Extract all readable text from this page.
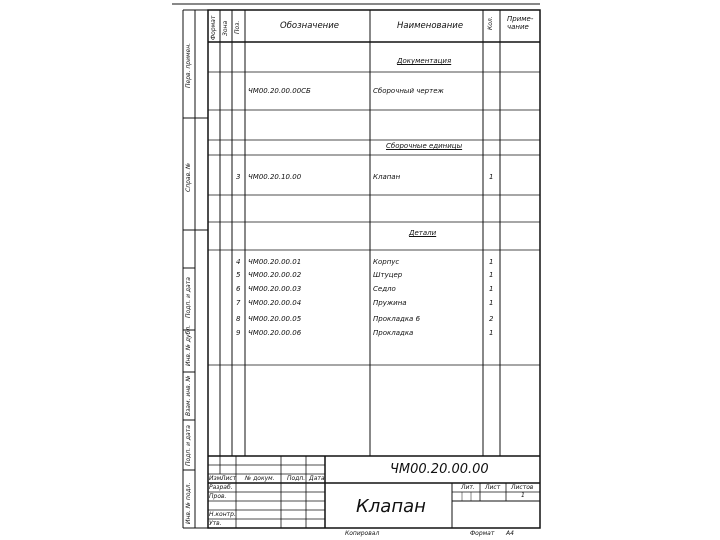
Перв. примен.
Справ. №
Подп. и дата
Инв. № дубл.
Взам. инв. №
Подп. и дата
Инв. № подл.
Формат Зона Поз.	Обозначение	Наименование	Кол. Приме-
чание
Документация
Сборочные единицы
Детали
ЧМ00.20.00.00СБ	Сборочный чертеж
3 ЧМ00.20.10.00	Клапан	1
4 ЧМ00.20.00.01	Корпус	1
5 ЧМ00.20.00.02	Штуцер	1
6 ЧМ00.20.00.03	Седло	1
7 ЧМ00.20.00.04	Пружина	1
8 ЧМ00.20.00.05	Прокладка 6	2
9 ЧМ00.20.00.06	Прокладка	1
ЧМ00.20.00.00
Клапан
Изм.
Лист № докум. Подп. Дата
Разраб.
Пров.
Н.контр.
Утв.
Лит. Лист Листов
1
Копировал	Формат А4
